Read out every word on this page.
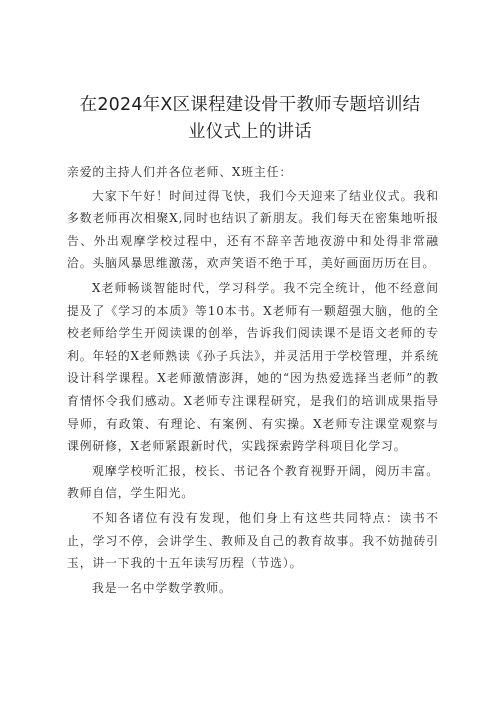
在2024年X区课程建设骨干教师专题培训结
业仪式上的讲话

亲爱的主持人们并各位老师、X班主任：

大家下午好！时间过得飞快，我们今天迎来了结业仪式。我和多数老师再次相聚X,同时也结识了新朋友。我们每天在密集地听报告、外出观摩学校过程中，还有不辞辛苦地夜游中和处得非常融洽。头脑风暴思维激荡，欢声笑语不绝于耳，美好画面历历在目。

X老师畅谈智能时代，学习科学。我不完全统计，他不经意间提及了《学习的本质》等10本书。X老师有一颗超强大脑，他的全校老师给学生开阅读课的创举，告诉我们阅读课不是语文老师的专利。年轻的X老师熟读《孙子兵法》，并灵活用于学校管理，并系统设计科学课程。X老师激情澎湃，她的“因为热爱选择当老师”的教育情怀令我们感动。X老师专注课程研究，是我们的培训成果指导导师，有政策、有理论、有案例、有实操。X老师专注课堂观察与课例研修，X老师紧跟新时代，实践探索跨学科项目化学习。

观摩学校听汇报，校长、书记各个教育视野开阔，阅历丰富。教师自信，学生阳光。

不知各诸位有没有发现，他们身上有这些共同特点：读书不止，学习不停，会讲学生、教师及自己的教育故事。我不妨抛砖引玉，讲一下我的十五年读写历程（节选）。

我是一名中学数学教师。
